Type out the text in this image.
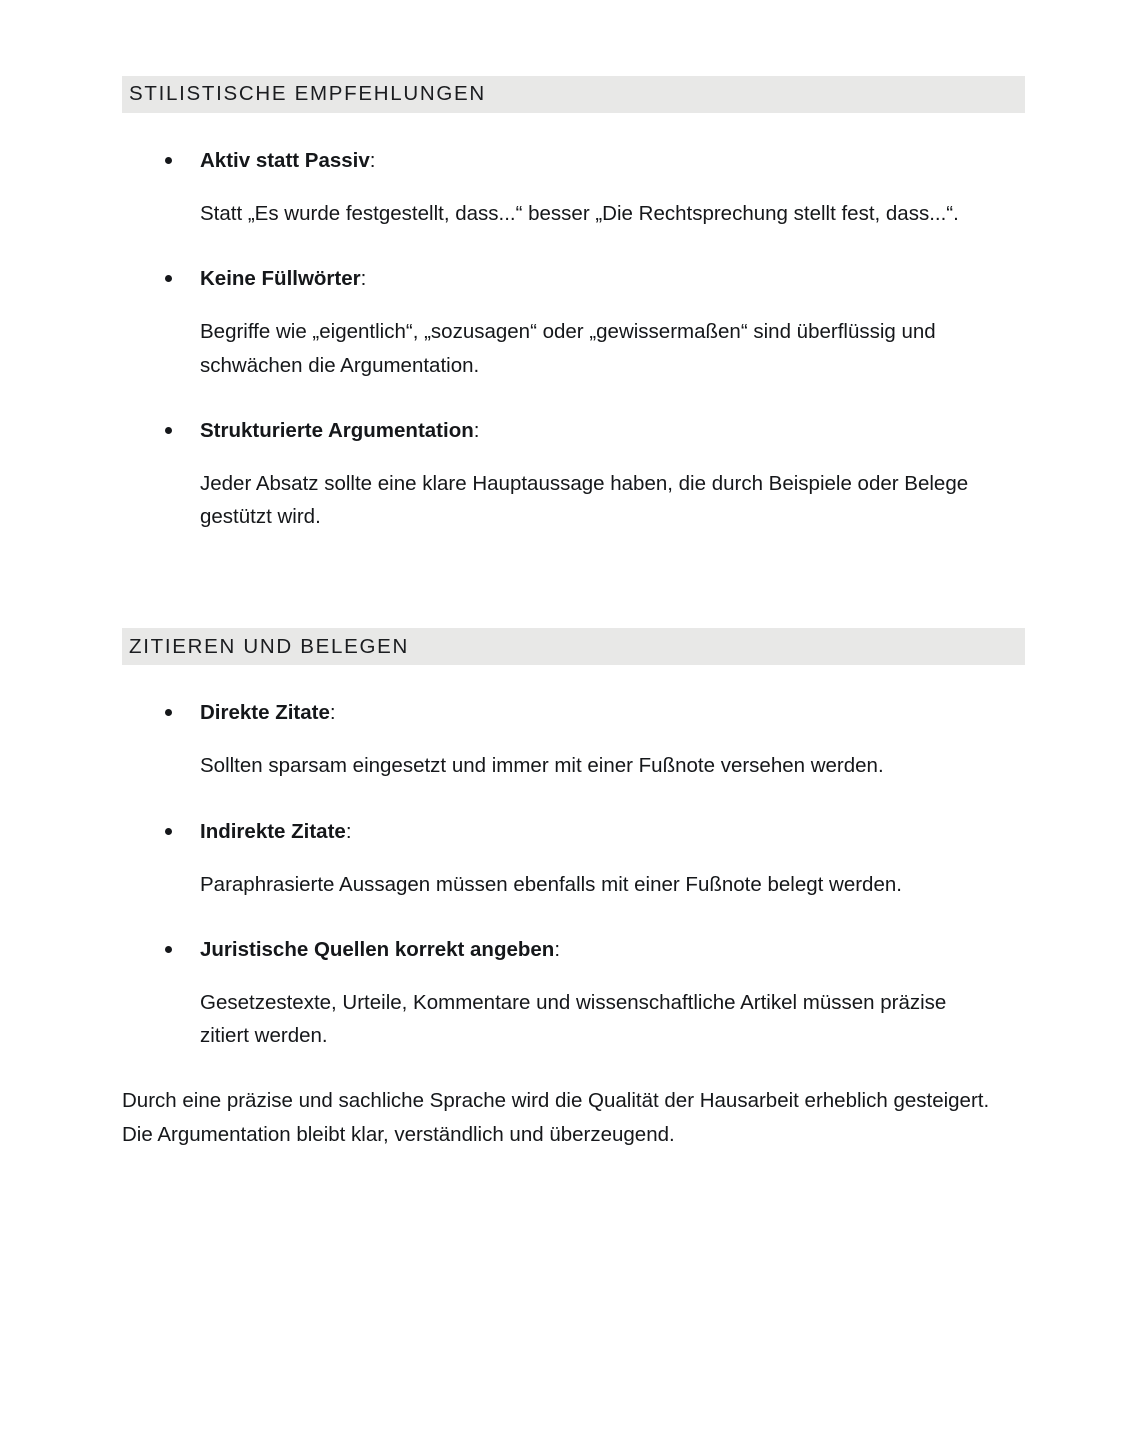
STILISTISCHE EMPFEHLUNGEN

Aktiv statt Passiv:

Statt „Es wurde festgestellt, dass...“ besser „Die Rechtsprechung stellt fest, dass...“.

Keine Füllwörter:

Begriffe wie „eigentlich“, „sozusagen“ oder „gewissermaßen“ sind überflüssig und schwächen die Argumentation.

Strukturierte Argumentation:

Jeder Absatz sollte eine klare Hauptaussage haben, die durch Beispiele oder Belege gestützt wird.

ZITIEREN UND BELEGEN

Direkte Zitate:

Sollten sparsam eingesetzt und immer mit einer Fußnote versehen werden.

Indirekte Zitate:

Paraphrasierte Aussagen müssen ebenfalls mit einer Fußnote belegt werden.

Juristische Quellen korrekt angeben:

Gesetzestexte, Urteile, Kommentare und wissenschaftliche Artikel müssen präzise zitiert werden.

Durch eine präzise und sachliche Sprache wird die Qualität der Hausarbeit erheblich gesteigert. Die Argumentation bleibt klar, verständlich und überzeugend.
